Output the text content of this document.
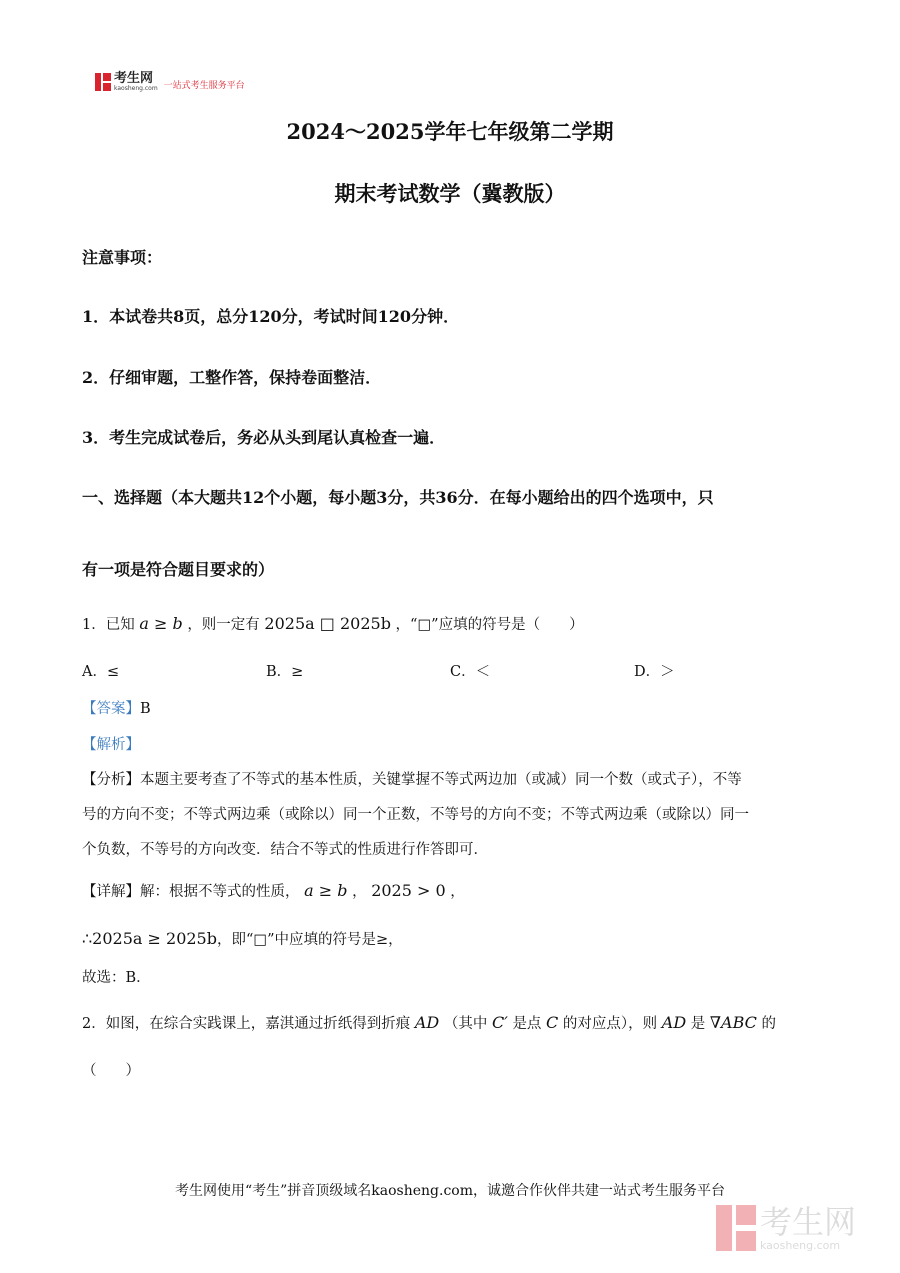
考生网
kaosheng.com 一站式考生服务平台
2024～2025学年七年级第二学期
期末考试数学（冀教版）
注意事项：
1．本试卷共8页，总分120分，考试时间120分钟．
2．仔细审题，工整作答，保持卷面整洁．
3．考生完成试卷后，务必从头到尾认真检查一遍．
一、选择题（本大题共12个小题，每小题3分，共36分．在每小题给出的四个选项中，只
有一项是符合题目要求的）
1．已知 a ≥ b ，则一定有 2025a □ 2025b ，“□”应填的符号是（　　）
A．≤	B．≥	C．＜	D．＞
【答案】B
【解析】
【分析】本题主要考查了不等式的基本性质，关键掌握不等式两边加（或减）同一个数（或式子），不等
号的方向不变；不等式两边乘（或除以）同一个正数，不等号的方向不变；不等式两边乘（或除以）同一
个负数，不等号的方向改变．结合不等式的性质进行作答即可．
【详解】解：根据不等式的性质， a ≥ b ， 2025 > 0 ，
∴2025a ≥ 2025b，即“□”中应填的符号是≥，
故选：B．
2．如图，在综合实践课上，嘉淇通过折纸得到折痕 AD （其中 C′ 是点 C 的对应点），则 AD 是 ∇ABC 的
（　　）
考生网使用“考生”拼音顶级域名kaosheng.com，诚邀合作伙伴共建一站式考生服务平台
考生网
kaosheng.com
